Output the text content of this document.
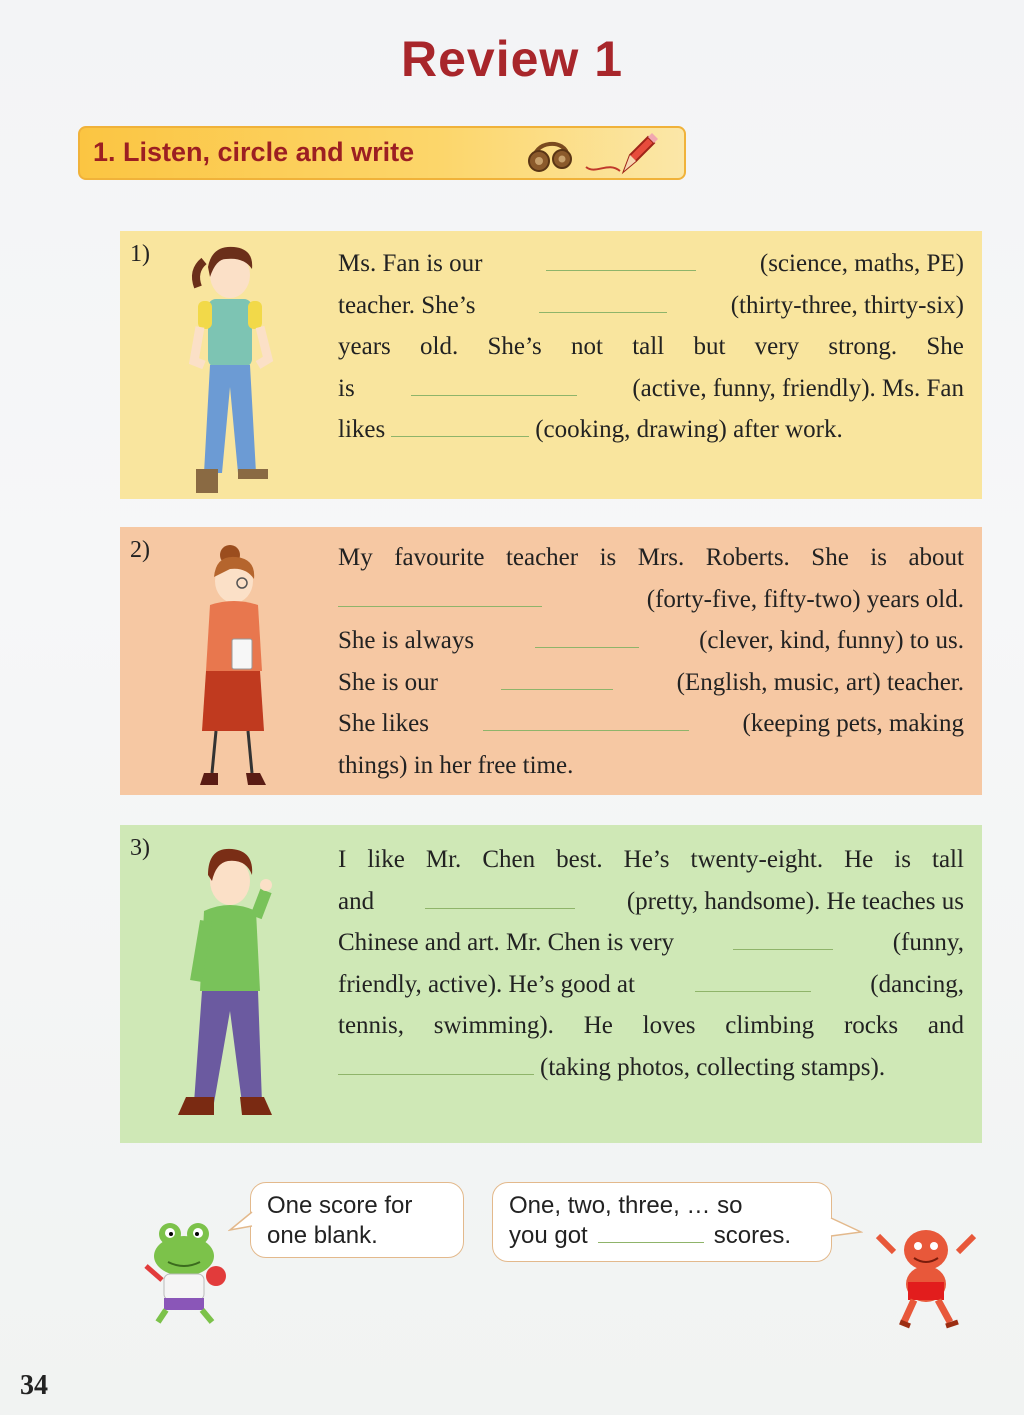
Review 1
1. Listen, circle and write
1)	Ms. Fan is our	(science, maths, PE)
teacher. She’s	(thirty-three, thirty-six)
years old. She’s not tall but very strong. She
is	(active, funny, friendly). Ms. Fan
likes	(cooking, drawing) after work.
2)	My favourite teacher is Mrs. Roberts. She is about
(forty-five, fifty-two) years old.
She is always	(clever, kind, funny) to us.
She is our	(English, music, art) teacher.
She likes	(keeping pets, making
things) in her free time.
3)	I like Mr. Chen best. He’s twenty-eight. He is tall
and	(pretty, handsome). He teaches us
Chinese and art. Mr. Chen is very	(funny,
friendly, active). He’s good at	(dancing,
tennis, swimming). He loves climbing rocks and
(taking photos, collecting stamps).
One score for
one blank.
One, two, three, … so
you got	scores.
34
